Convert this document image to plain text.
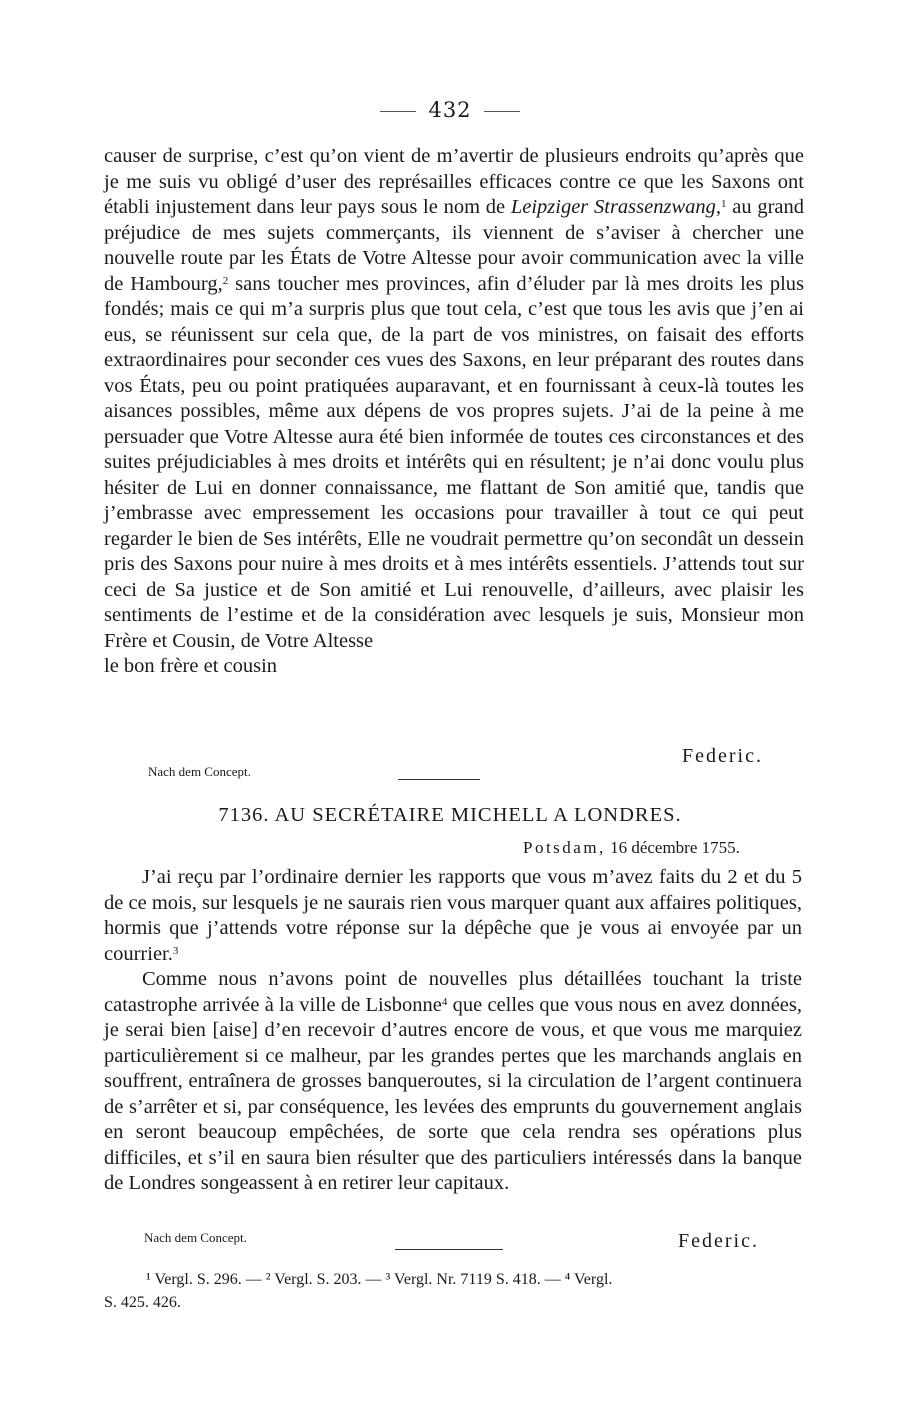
432

causer de surprise, c’est qu’on vient de m’avertir de plusieurs endroits qu’après que je me suis vu obligé d’user des représailles efficaces contre ce que les Saxons ont établi injustement dans leur pays sous le nom de Leipziger Strassenzwang,$^1$ au grand préjudice de mes sujets commerçants, ils viennent de s’aviser à chercher une nouvelle route par les États de Votre Altesse pour avoir communication avec la ville de Hambourg,$^2$ sans toucher mes provinces, afin d’éluder par là mes droits les plus fondés; mais ce qui m’a surpris plus que tout cela, c’est que tous les avis que j’en ai eus, se réunissent sur cela que, de la part de vos ministres, on faisait des efforts extraordinaires pour seconder ces vues des Saxons, en leur préparant des routes dans vos États, peu ou point pratiquées auparavant, et en fournissant à ceux-là toutes les aisances possibles, même aux dépens de vos propres sujets. J’ai de la peine à me persuader que Votre Altesse aura été bien informée de toutes ces circonstances et des suites préjudiciables à mes droits et intérêts qui en résultent; je n’ai donc voulu plus hésiter de Lui en donner connaissance, me flattant de Son amitié que, tandis que j’embrasse avec empressement les occasions pour travailler à tout ce qui peut regarder le bien de Ses intérêts, Elle ne voudrait permettre qu’on secondât un dessein pris des Saxons pour nuire à mes droits et à mes intérêts essentiels. J’attends tout sur ceci de Sa justice et de Son amitié et Lui renouvelle, d’ailleurs, avec plaisir les sentiments de l’estime et de la considération avec lesquels je suis, Monsieur mon Frère et Cousin, de Votre Altesse

le bon frère et cousin
Federic.
Nach dem Concept.
7136. AU SECRÉTAIRE MICHELL A LONDRES.
Potsdam, 16 décembre 1755.

J’ai reçu par l’ordinaire dernier les rapports que vous m’avez faits du 2 et du 5 de ce mois, sur lesquels je ne saurais rien vous marquer quant aux affaires politiques, hormis que j’attends votre réponse sur la dépêche que je vous ai envoyée par un courrier.$^3$

Comme nous n’avons point de nouvelles plus détaillées touchant la triste catastrophe arrivée à la ville de Lisbonne$^4$ que celles que vous nous en avez données, je serai bien [aise] d’en recevoir d’autres encore de vous, et que vous me marquiez particulièrement si ce malheur, par les grandes pertes que les marchands anglais en souffrent, entraînera de grosses banqueroutes, si la circulation de l’argent continuera de s’arrêter et si, par conséquence, les levées des emprunts du gouvernement anglais en seront beaucoup empêchées, de sorte que cela rendra ses opérations plus difficiles, et s’il en saura bien résulter que des particuliers intéressés dans la banque de Londres songeassent à en retirer leur capitaux.

Nach dem Concept.	Federic.
¹ Vergl. S. 296. — ² Vergl. S. 203. — ³ Vergl. Nr. 7119 S. 418. — ⁴ Vergl.
S. 425. 426.
